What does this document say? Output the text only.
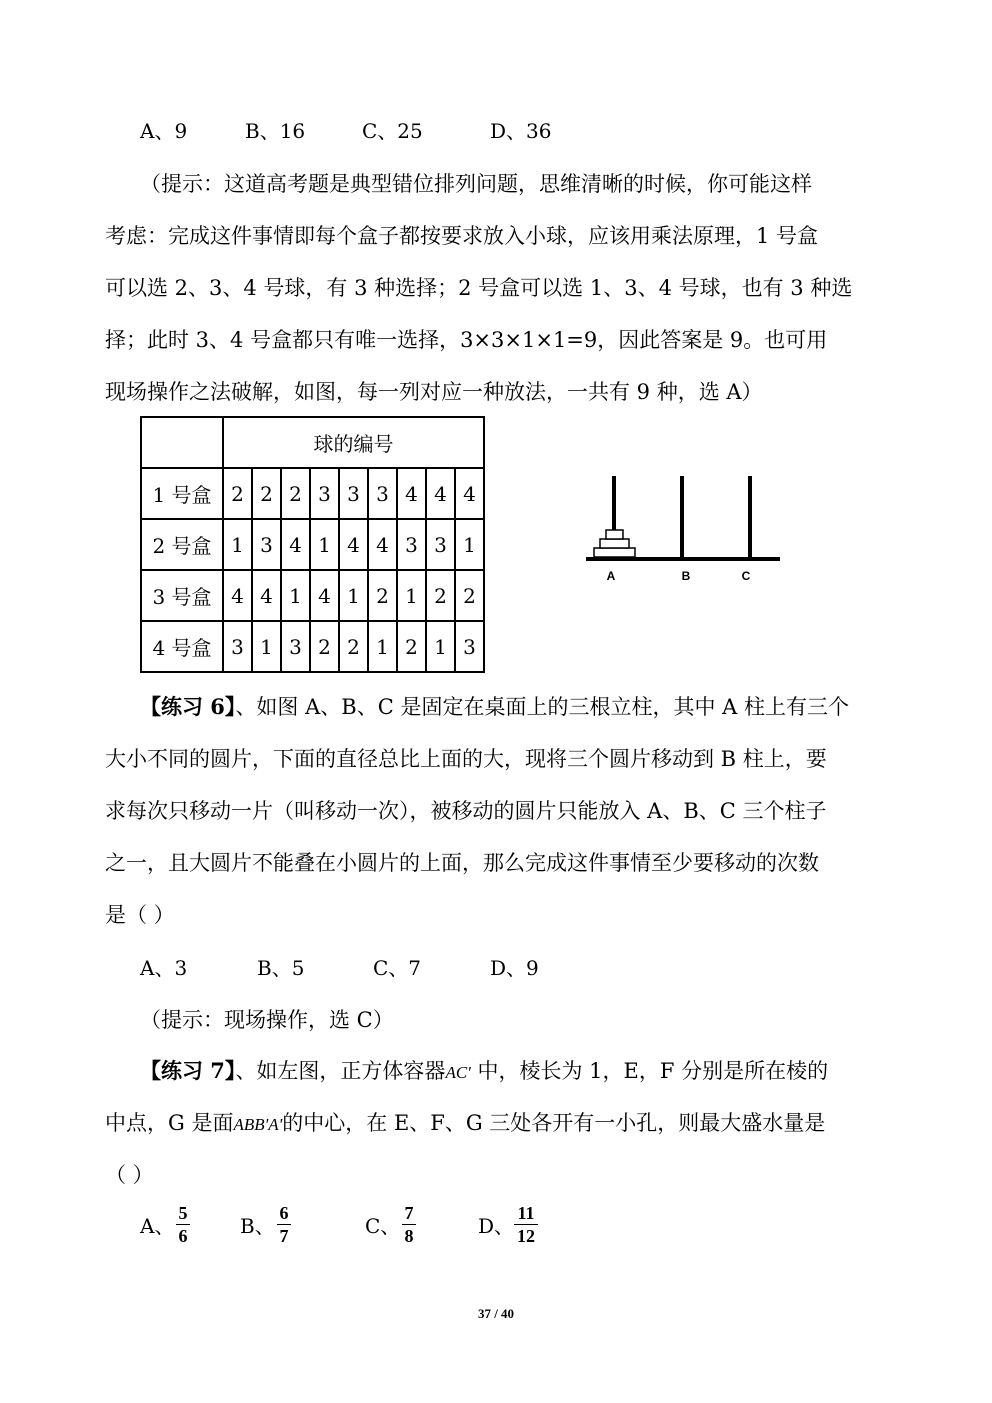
A、9	B、16	C、25	D、36
（提示：这道高考题是典型错位排列问题，思维清晰的时候，你可能这样
考虑：完成这件事情即每个盒子都按要求放入小球，应该用乘法原理，1 号盒
可以选 2、3、4 号球，有 3 种选择；2 号盒可以选 1、3、4 号球，也有 3 种选
择；此时 3、4 号盒都只有唯一选择，3×3×1×1=9，因此答案是 9。也可用
现场操作之法破解，如图，每一列对应一种放法，一共有 9 种，选 A）
	球的编号								
1 号盒	2	2	2	3	3	3	4	4	4
2 号盒	1	3	4	1	4	4	3	3	1
3 号盒	4	4	1	4	1	2	1	2	2
4 号盒	3	1	3	2	2	1	2	1	3
A	B	C
【练习 6】、如图 A、B、C 是固定在桌面上的三根立柱，其中 A 柱上有三个
大小不同的圆片，下面的直径总比上面的大，现将三个圆片移动到 B 柱上，要
求每次只移动一片（叫移动一次），被移动的圆片只能放入 A、B、C 三个柱子
之一，且大圆片不能叠在小圆片的上面，那么完成这件事情至少要移动的次数
是（ ）
A、3	B、5	C、7	D、9
（提示：现场操作，选 C）
【练习 7】、如左图，正方体容器AC' 中，棱长为 1，E，F 分别是所在棱的
中点，G 是面ABB'A'的中心，在 E、F、G 三处各开有一小孔，则最大盛水量是
（ ）
A、 $\frac{5}{6}$	B、 $\frac{6}{7}$	C、 $\frac{7}{8}$	D、 $\frac{11}{12}$
37 / 40
